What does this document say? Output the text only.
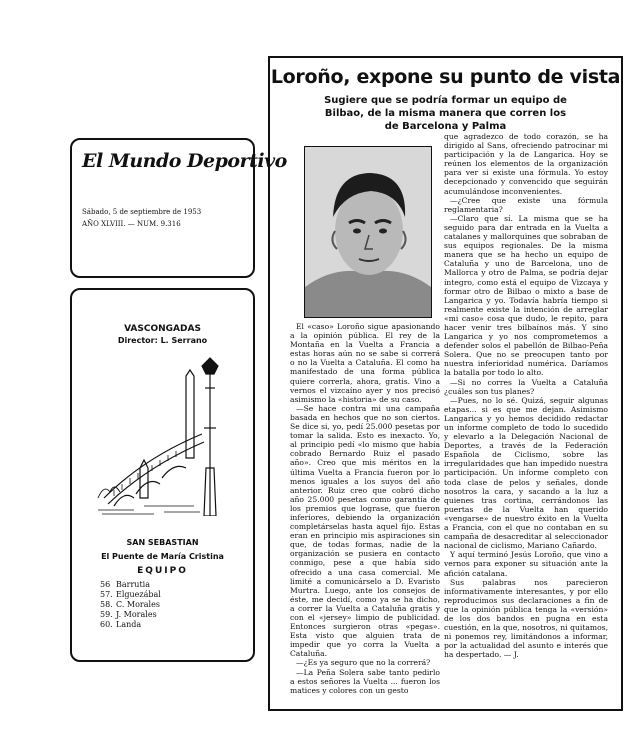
El Mundo Deportivo
Sábado, 5 de septiembre de 1953
AÑO XLVIII. — NUM. 9.316
VASCONGADAS
Director: L. Serrano
SAN SEBASTIAN
El Puente de María Cristina
EQUIPO
56 Barrutia
57. Elguezábal
58. C. Morales
59. J. Morales
60. Landa
Loroño, expone su punto de vista
Sugiere que se podría formar un equipo de
Bilbao, de la misma manera que corren los
de Barcelona y Palma

El «caso» Loroño sigue apasionando a la opinión pública. El rey de la Montaña en la Vuelta a Francia a estas horas aún no se sabe si correrá o no la Vuelta a Cataluña. El como ha manifestado de una forma pública quiere correrla, ahora, gratis. Vino a vernos el vizcaíno ayer y nos precisó asimismo la «historia» de su caso.

—Se hace contra mi una campaña basada en hechos que no son ciertos. Se dice si, yo, pedí 25.000 pesetas por tomar la salida. Esto es inexacto. Yo, al principio pedí «lo mismo que había cobrado Bernardo Ruiz el pasado año». Creo que mis méritos en la última Vuelta a Francia fueron por lo menos iguales a los suyos del año anterior. Ruiz creo que cobró dicho año 25.000 pesetas como garantía de los premios que lograse, que fueron inferiores, debiendo la organización completárselas hasta aquel fijo. Estas eran en principio mis aspiraciones sin que, de todas formas, nadie de la organización se pusiera en contacto conmigo, pese a que había sido ofrecido a una casa comercial. Me limité a comunicárselo a D. Evaristo Murtra. Luego, ante los consejos de éste, me decidí, como ya se ha dicho, a correr la Vuelta a Cataluña gratis y con el «jersey» limpio de publicidad. Entonces surgieron otras «pegas». Esta visto que alguien trata de impedir que yo corra la Vuelta a Cataluña.

—¿Es ya seguro que no la correrá?

—La Peña Solera sabe tanto pedirlo a estos señores la Vuelta ... fueron los matices y colores con un gesto

que agradezco de todo corazón, se ha dirigido al Sans, ofreciendo patrocinar mi participación y la de Langarica. Hoy se reúnen los elementos de la organización para ver si existe una fórmula. Yo estoy decepcionado y convencido que seguirán acumulándose inconvenientes.

—¿Cree que existe una fórmula reglamentaria?

—Claro que sí. La misma que se ha seguido para dar entrada en la Vuelta a catalanes y mallorquines que sobraban de sus equipos regionales. De la misma manera que se ha hecho un equipo de Cataluña y uno de Barcelona, uno de Mallorca y otro de Palma, se podría dejar íntegro, como está el equipo de Vizcaya y formar otro de Bilbao o mixto a base de Langarica y yo. Todavía habría tiempo si realmente existe la intención de arreglar «mi caso» cosa que dudo, le repito, para hacer venir tres bilbaínos más. Y sino Langarica y yo nos comprometemos a defender solos el pabellón de Bilbao-Peña Solera. Que no se preocupen tanto por nuestra inferioridad numérica. Daríamos la batalla por todo lo alto.

—Si no corres la Vuelta a Cataluña ¿cuáles son tus planes?

—Pues, no lo sé. Quizá, seguir algunas etapas... si es que me dejan. Asimismo Langarica y yo hemos decidido redactar un informe completo de todo lo sucedido y elevarlo a la Delegación Nacional de Deportes, a través de la Federación Española de Ciclismo, sobre las irregularidades que han impedido nuestra participación. Un informe completo con toda clase de pelos y señales, donde nosotros la cara, y sacando a la luz a quienes tras cortina, cerrándonos las puertas de la Vuelta han querido «vengarse» de nuestro éxito en la Vuelta a Francia, con el que no contaban en su campaña de desacreditar al seleccionador nacional de ciclismo, Mariano Cañardo.

Y aquí terminó Jesús Loroño, que vino a vernos para exponer su situación ante la afición catalana.

Sus palabras nos parecieron informativamente interesantes, y por ello reproducimos sus declaraciones a fin de que la opinión pública tenga la «versión» de los dos bandos en pugna en esta cuestión, en la que, nosotros, ni quitamos, ni ponemos rey, limitándonos a informar, por la actualidad del asunto e interés que ha despertado. — J.
